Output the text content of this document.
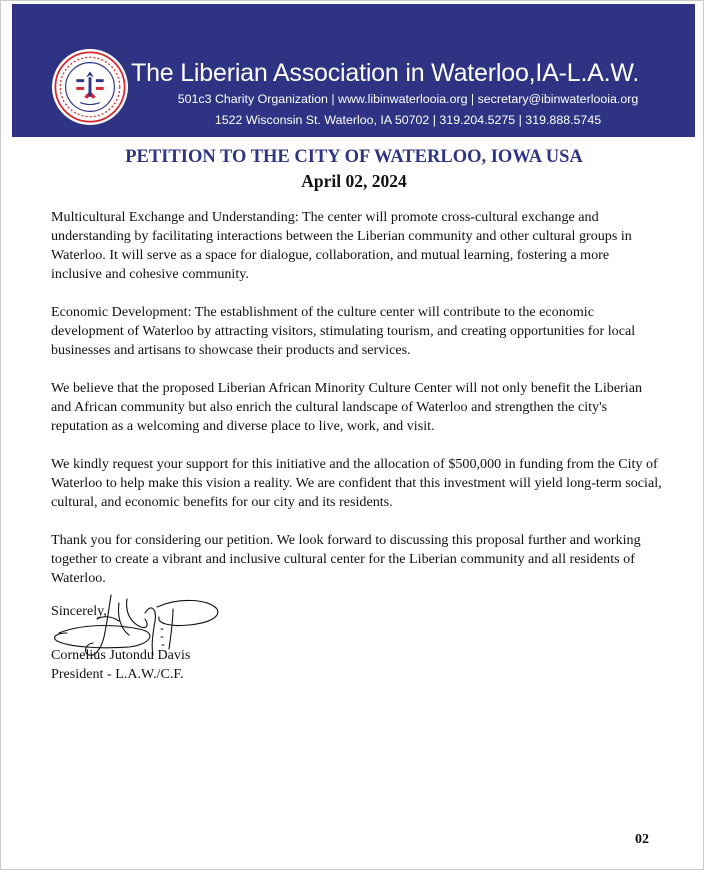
The Liberian Association in Waterloo,IA-L.A.W.
501c3 Charity Organization | www.libinwaterlooia.org | secretary@ibinwaterlooia.org
1522 Wisconsin St. Waterloo, IA 50702 | 319.204.5275 | 319.888.5745
PETITION TO THE CITY OF WATERLOO, IOWA USA
April 02, 2024

Multicultural Exchange and Understanding: The center will promote cross-cultural exchange and understanding by facilitating interactions between the Liberian community and other cultural groups in Waterloo. It will serve as a space for dialogue, collaboration, and mutual learning, fostering a more inclusive and cohesive community.

Economic Development: The establishment of the culture center will contribute to the economic development of Waterloo by attracting visitors, stimulating tourism, and creating opportunities for local businesses and artisans to showcase their products and services.

We believe that the proposed Liberian African Minority Culture Center will not only benefit the Liberian and African community but also enrich the cultural landscape of Waterloo and strengthen the city's reputation as a welcoming and diverse place to live, work, and visit.

We kindly request your support for this initiative and the allocation of $500,000 in funding from the City of Waterloo to help make this vision a reality. We are confident that this investment will yield long-term social, cultural, and economic benefits for our city and its residents.

Thank you for considering our petition. We look forward to discussing this proposal further and working together to create a vibrant and inclusive cultural center for the Liberian community and all residents of Waterloo.

Sincerely,
Cornelius Jutondu Davis
President - L.A.W./C.F.
02
